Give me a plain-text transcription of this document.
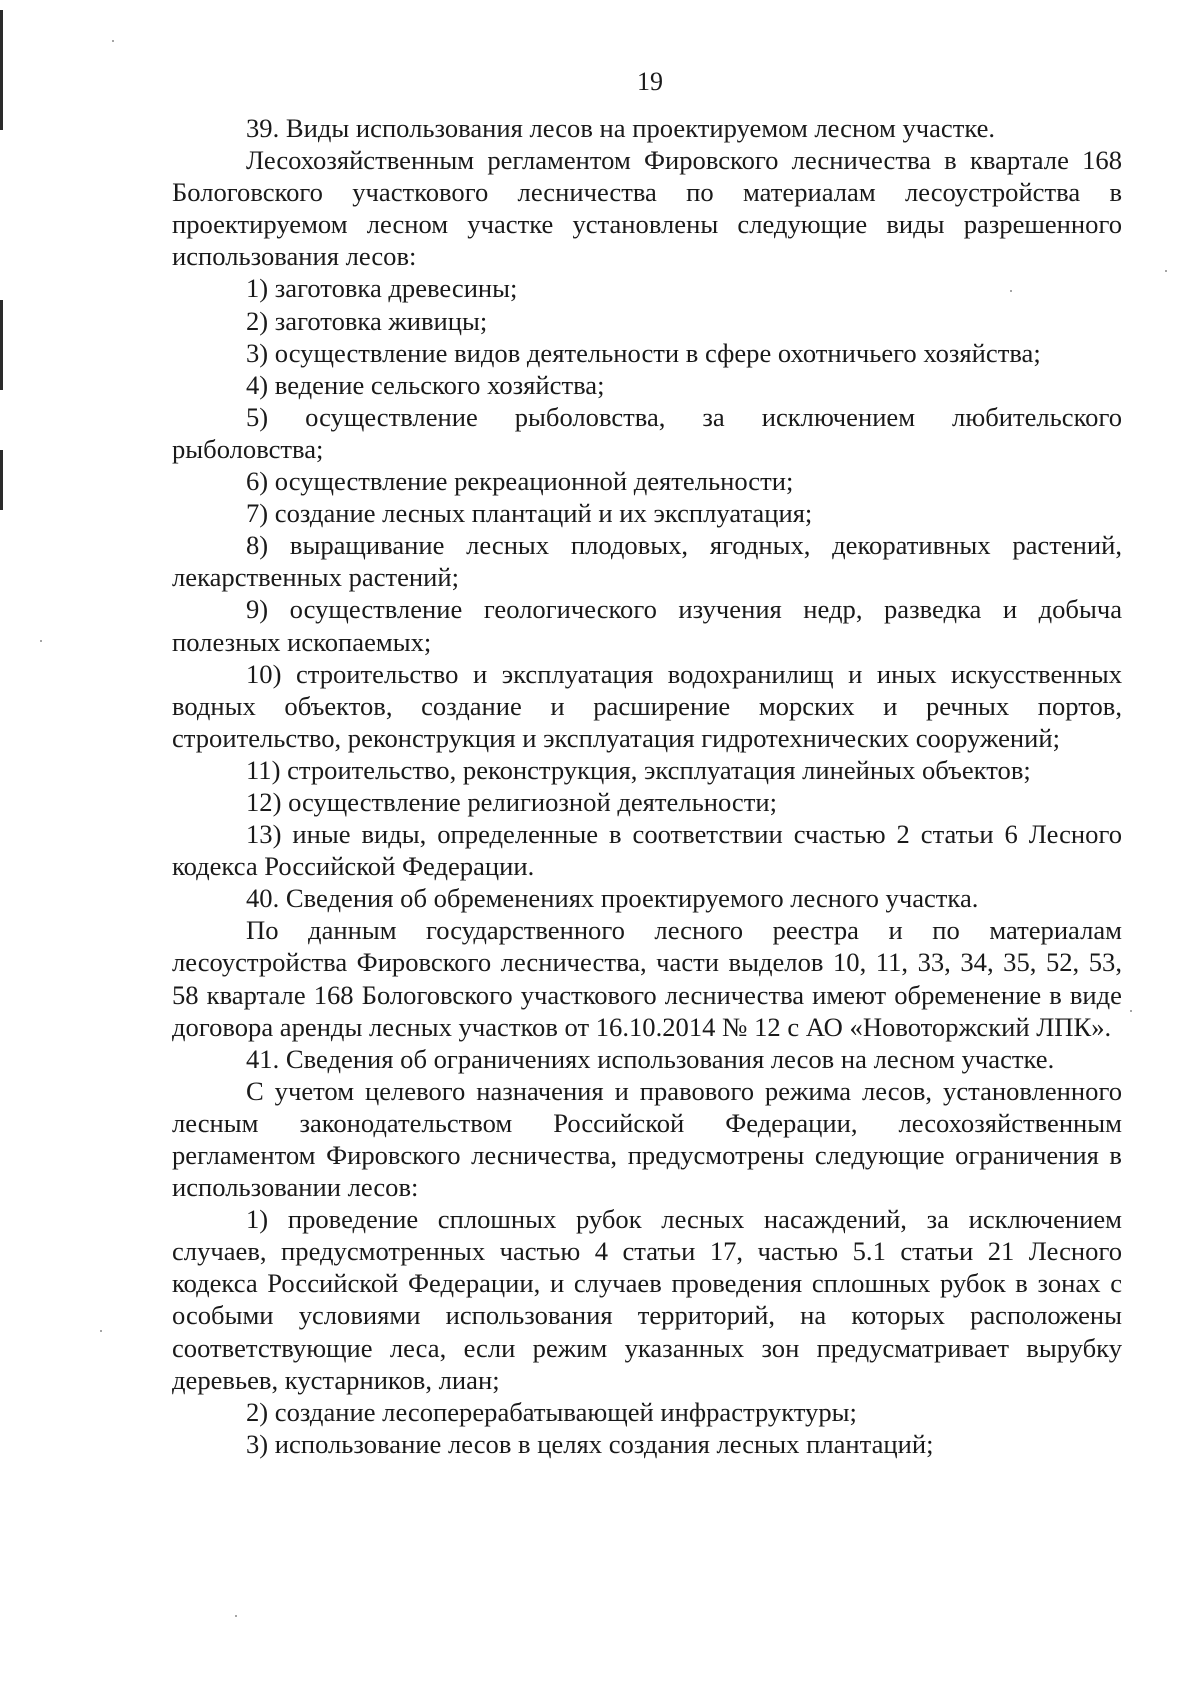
19

39. Виды использования лесов на проектируемом лесном участке.

Лесохозяйственным регламентом Фировского лесничества в квартале 168 Бологовского участкового лесничества по материалам лесоустройства в проектируемом лесном участке установлены следующие виды разрешенного использования лесов:

1) заготовка древесины;

2) заготовка живицы;

3) осуществление видов деятельности в сфере охотничьего хозяйства;

4) ведение сельского хозяйства;

5) осуществление рыболовства, за исключением любительского рыболовства;

6) осуществление рекреационной деятельности;

7) создание лесных плантаций и их эксплуатация;

8) выращивание лесных плодовых, ягодных, декоративных растений, лекарственных растений;

9) осуществление геологического изучения недр, разведка и добыча полезных ископаемых;

10) строительство и эксплуатация водохранилищ и иных искусственных водных объектов, создание и расширение морских и речных портов, строительство, реконструкция и эксплуатация гидротехнических сооружений;

11) строительство, реконструкция, эксплуатация линейных объектов;

12) осуществление религиозной деятельности;

13) иные виды, определенные в соответствии счастью 2 статьи 6 Лесного кодекса Российской Федерации.

40. Сведения об обременениях проектируемого лесного участка.

По данным государственного лесного реестра и по материалам лесоустройства Фировского лесничества, части выделов 10, 11, 33, 34, 35, 52, 53, 58 квартале 168 Бологовского участкового лесничества имеют обременение в виде договора аренды лесных участков от 16.10.2014 № 12 с АО «Новоторжский ЛПК».

41. Сведения об ограничениях использования лесов на лесном участке.

С учетом целевого назначения и правового режима лесов, установленного лесным законодательством Российской Федерации, лесохозяйственным регламентом Фировского лесничества, предусмотрены следующие ограничения в использовании лесов:

1) проведение сплошных рубок лесных насаждений, за исключением случаев, предусмотренных частью 4 статьи 17, частью 5.1 статьи 21 Лесного кодекса Российской Федерации, и случаев проведения сплошных рубок в зонах с особыми условиями использования территорий, на которых расположены соответствующие леса, если режим указанных зон предусматривает вырубку деревьев, кустарников, лиан;

2) создание лесоперерабатывающей инфраструктуры;

3) использование лесов в целях создания лесных плантаций;
